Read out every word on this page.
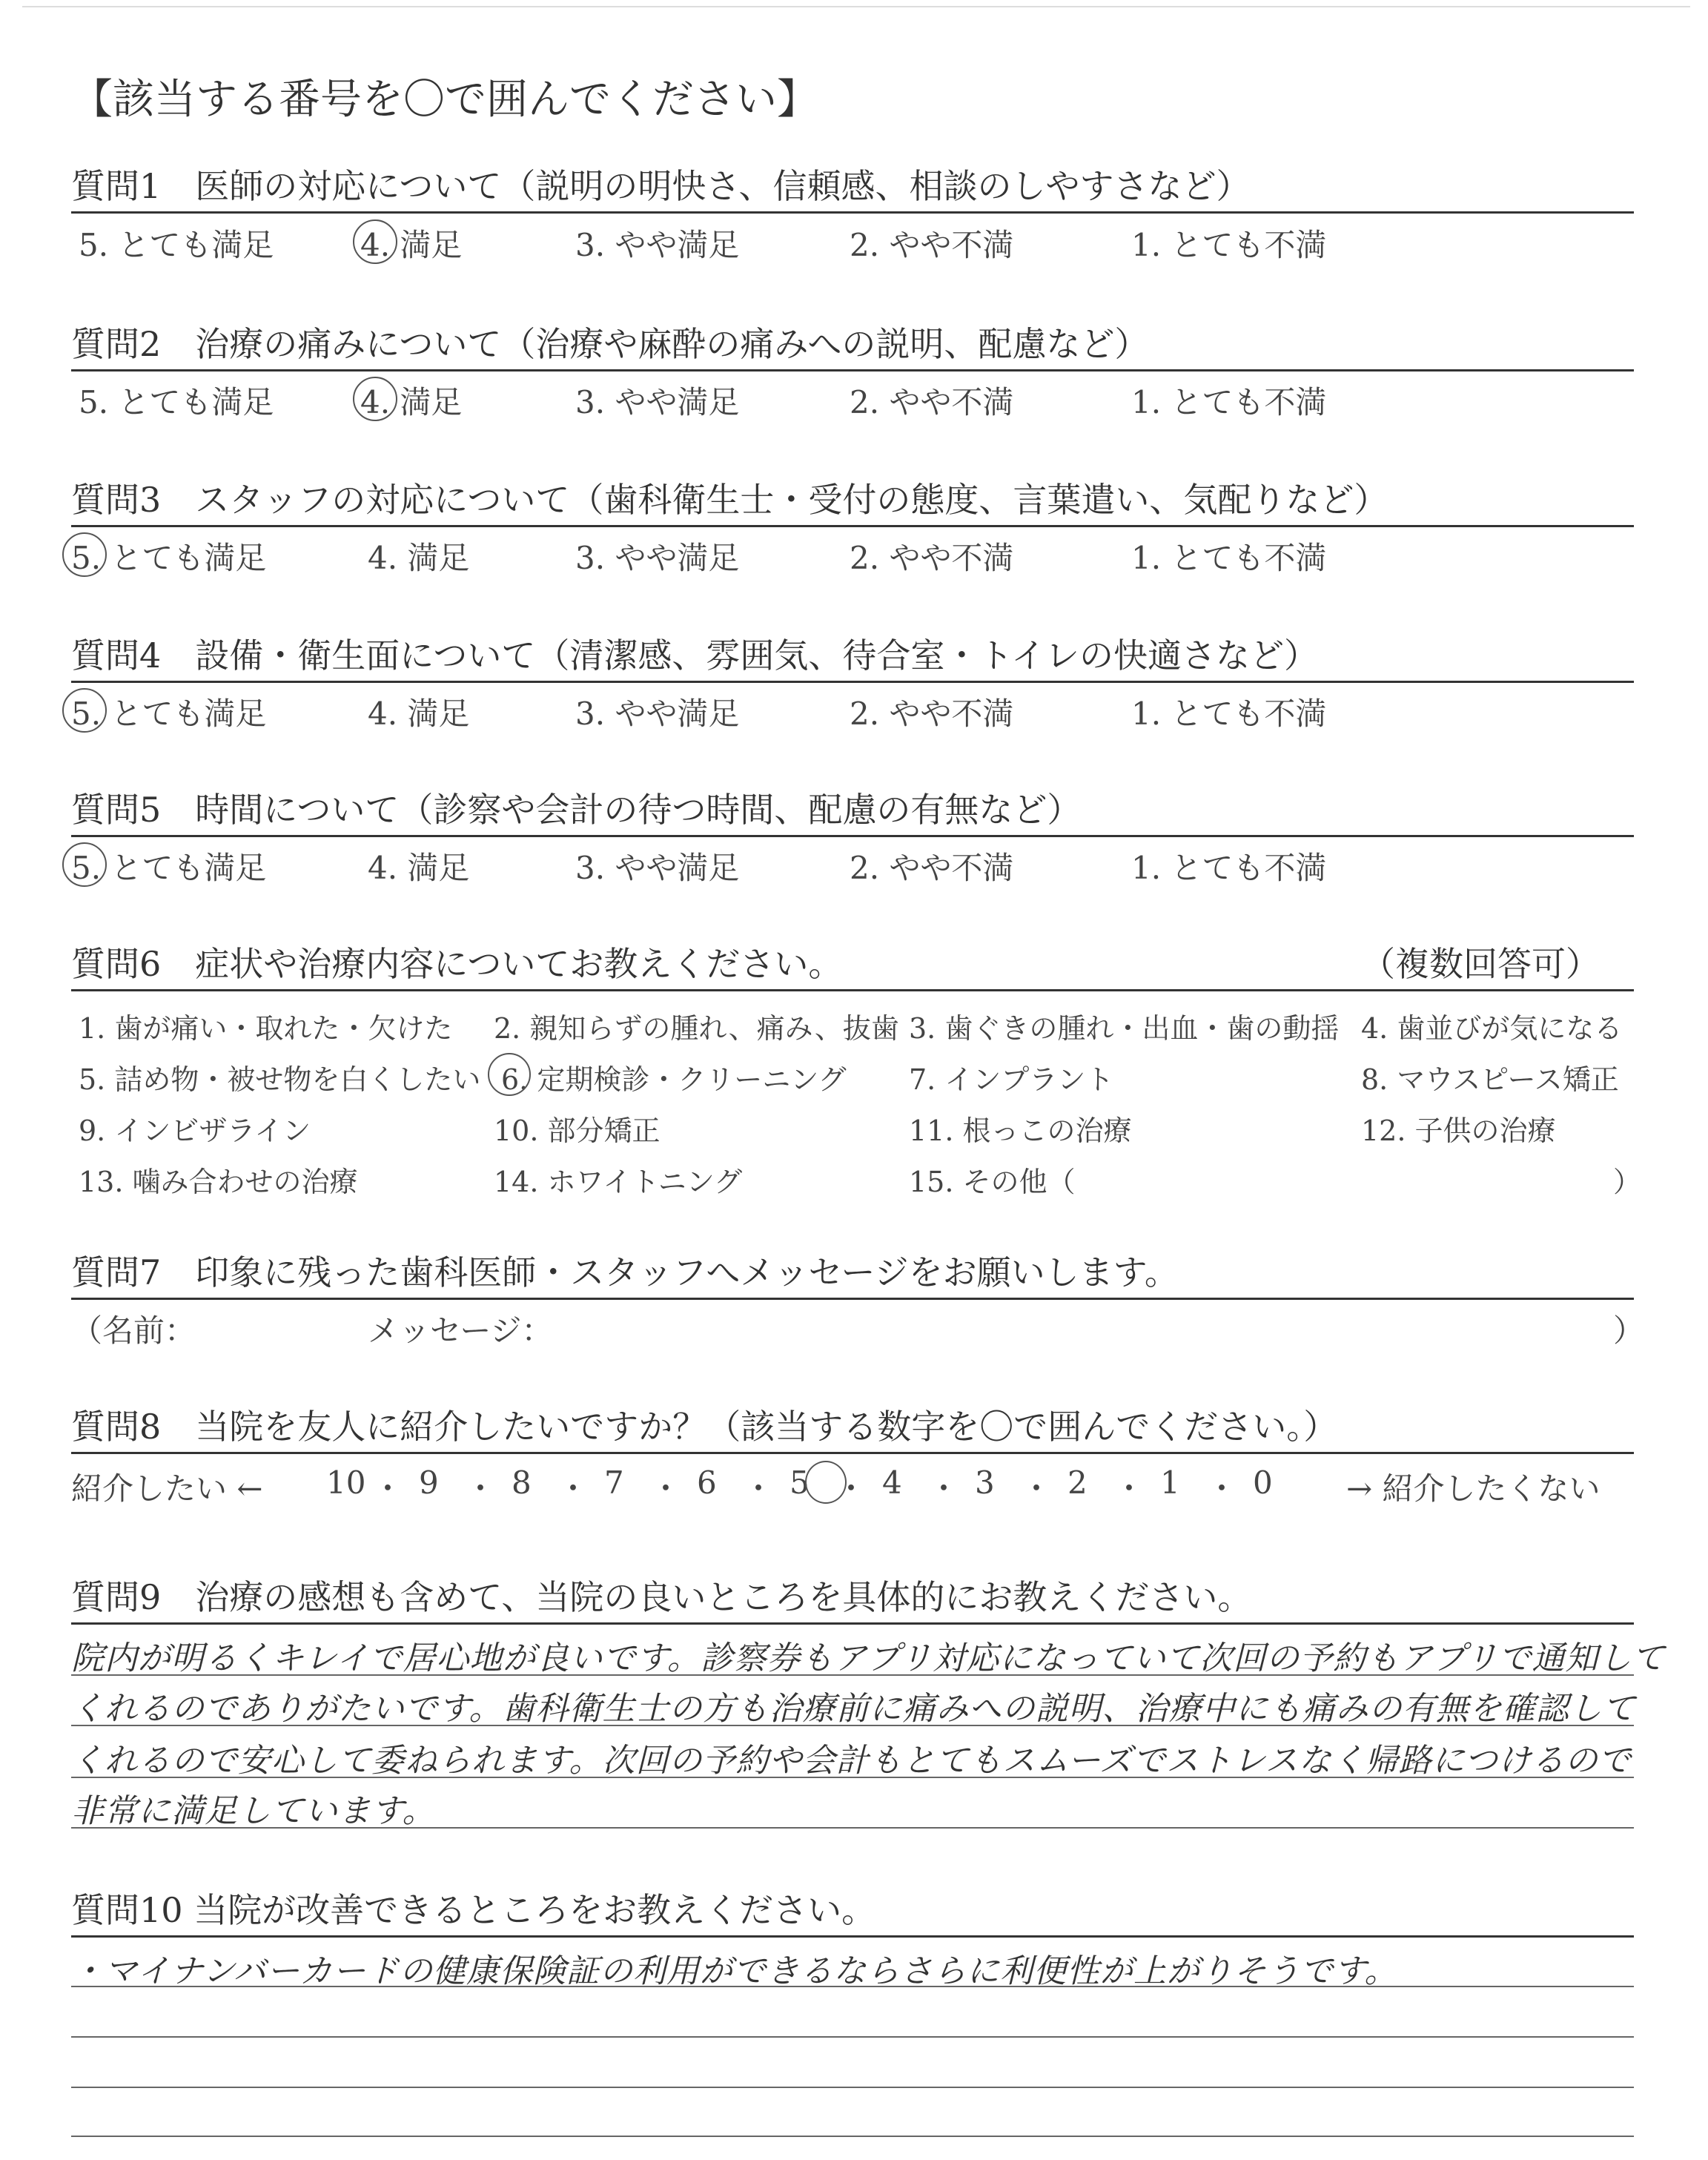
【該当する番号を〇で囲んでください】
質問1　医師の対応について（説明の明快さ、信頼感、相談のしやすさなど）
5. とても満足	4. 満足	3. やや満足	2. やや不満	1. とても不満
質問2　治療の痛みについて（治療や麻酔の痛みへの説明、配慮など）
5. とても満足	4. 満足	3. やや満足	2. やや不満	1. とても不満
質問3　スタッフの対応について（歯科衛生士・受付の態度、言葉遣い、気配りなど）
5. とても満足	4. 満足	3. やや満足	2. やや不満	1. とても不満
質問4　設備・衛生面について（清潔感、雰囲気、待合室・トイレの快適さなど）
5. とても満足	4. 満足	3. やや満足	2. やや不満	1. とても不満
質問5　時間について（診察や会計の待つ時間、配慮の有無など）
5. とても満足	4. 満足	3. やや満足	2. やや不満	1. とても不満
質問6　症状や治療内容についてお教えください。	（複数回答可）
1. 歯が痛い・取れた・欠けた 2. 親知らずの腫れ、痛み、抜歯 3. 歯ぐきの腫れ・出血・歯の動揺 4. 歯並びが気になる
5. 詰め物・被せ物を白くしたい 6. 定期検診・クリーニング 7. インプラント	8. マウスピース矯正
9. インビザライン	10. 部分矯正	11. 根っこの治療	12. 子供の治療
13. 噛み合わせの治療	14. ホワイトニング	15. その他（	）
質問7　印象に残った歯科医師・スタッフへメッセージをお願いします。
（名前：	メッセージ：	）
質問8　当院を友人に紹介したいですか？（該当する数字を〇で囲んでください。）
紹介したい ← 10 ・ 9 ・ 8 ・ 7 ・ 6 ・ 5 ・ 4 ・ 3 ・ 2 ・ 1 ・ 0 → 紹介したくない
質問9　治療の感想も含めて、当院の良いところを具体的にお教えください。
院内が明るくキレイで居心地が良いです。診察券もアプリ対応になっていて次回の予約もアプリで通知して
くれるのでありがたいです。歯科衛生士の方も治療前に痛みへの説明、治療中にも痛みの有無を確認して
くれるので安心して委ねられます。次回の予約や会計もとてもスムーズでストレスなく帰路につけるので
非常に満足しています。
質問10 当院が改善できるところをお教えください。
・マイナンバーカードの健康保険証の利用ができるならさらに利便性が上がりそうです。
